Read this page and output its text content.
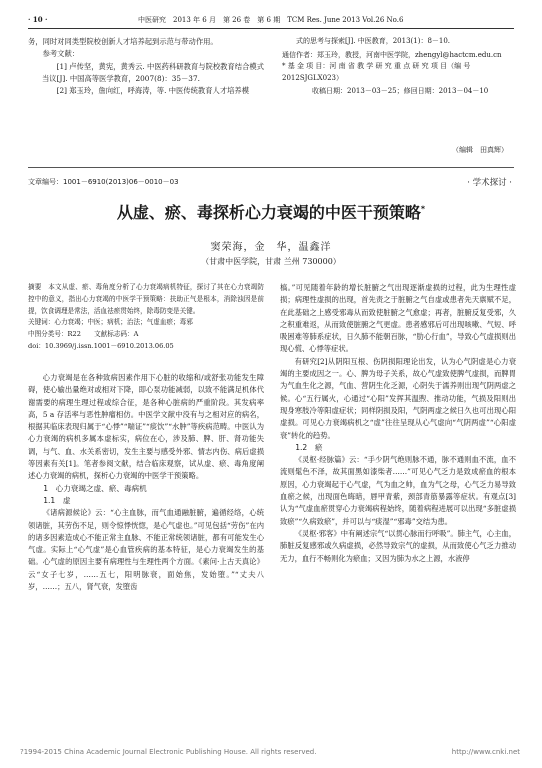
· 10 ·	中医研究　2013 年 6 月　第 26 卷　第 6 期　TCM Res. June 2013 Vol.26 No.6

务，同时对同类型院校创新人才培养起到示范与带动作用。

参考文献：

[1] 卢传坚，黄宪，黄秀云. 中医药科研教育与院校教育结合模式当议[J]. 中国高等医学教育，2007(8)：35－37.

[2] 郑玉玲，詹向红，呼海涛，等. 中医传统教育人才培养模

式的思考与探索[J]. 中医教育，2013(1)：8－10.

通信作者：郑玉玲，教授，河南中医学院，zhengyl@hactcm.edu.cn

* 基 金 项 目：河 南 省 教 学 研 究 重 点 研 究 项 目（编 号 2012SJGLX023）

收稿日期：2013－03－25；修回日期：2013－04－10

（编辑　田真辉）
文章编号：1001－6910(2013)06－0010－03	· 学术探讨 ·
从虚、瘀、毒探析心力衰竭的中医干预策略*
窦荣海，金　华，温鑫洋
（甘肃中医学院，甘肃 兰州 730000）

摘要　本文从虚、瘀、毒角度分析了心力衰竭病机特征，探讨了其在心力衰竭防控中的意义，指出心力衰竭的中医学干预策略：扶助正气是根本，消除浊因是前提，饮食调理是常法，活血祛瘀贯始终，除毒防变是关键。

关键词：心力衰竭；中医；病机；治法；气虚血瘀；毒邪

中图分类号：R22　　文献标志码：A

doi：10.3969/j.issn.1001－6910.2013.06.05

心力衰竭是在各种致病因素作用下心脏的收缩和/或舒张功能发生障碍，使心输出量绝对或相对下降，即心泵功能减弱，以致不能满足机体代谢需要的病理生理过程或综合征，是各种心脏病的严重阶段。其发病率高，5 a 存活率与恶性肿瘤相仿。中医学文献中没有与之相对应的病名，根据其临床表现归属于“心悸”“喘证”“痰饮”“水肿”等疾病范畴。中医认为心力衰竭的病机多属本虚标实，病位在心，涉及肺、脾、肝、肾功能失调，与气、血、水关系密切，发生主要与感受外邪、情志内伤、病后虚损等因素有关[1]。笔者参阅文献，结合临床观察，试从虚、瘀、毒角度阐述心力衰竭的病机，探析心力衰竭的中医学干预策略。

1　心力衰竭之虚、瘀、毒病机

1.1　虚

《诸病源候论》云：“心主血脉，而气血通融脏腑，遍循经络，心统领诸脏，其劳伤不足，则令惊悸恍惚，是心气虚也。”可见包括“劳伤”在内的诸多因素造成心不能正常主血脉、不能正常统领诸脏，都有可能发生心气虚。实际上“心气虚”是心血管疾病的基本特征，是心力衰竭发生的基础。心气虚的原因主要有病理性与生理性两个方面。《素问·上古天真论》云“女子七岁，……五七，阳明脉衰，面始焦，发始堕。”“丈夫八岁，……；五八，肾气衰，发堕齿

槁。”可见随着年龄的增长脏腑之气出现逐渐虚损的过程，此为生理性虚损；病理性虚损的出现，首先责之于脏腑之气自虚或患者先天禀赋不足，在此基础之上感受邪毒从而致使脏腑之气愈虚；再者，脏腑反复受邪，久之积重难返，从而致使脏腑之气更虚。患者感邪后可出现咳嗽、气短、呼吸困难等肺系症状，日久肺不能朝百脉，“肋心行血”，导致心气虚损则出现心慌、心悸等症状。

有研究[2]从阴阳互根、伤阴损阳理论出发，认为心气阴虚是心力衰竭的主要成因之一。心、脾为母子关系，故心气虚致使脾气虚损，而脾胃为气血生化之源，气血、营阴生化乏源，心阴失于濡养则出现气阴两虚之候。心“五行属火，心通过“心阳”发挥其温煦、推动功能，气损及阳则出现身寒肢冷等阳虚症状；同样阴损及阳，气阴两虚之候日久也可出现心阳虚损。可见心力衰竭病机之“虚”往往呈现从心气虚向“气阴两虚”“心阳虚衰”转化的趋势。

1.2　瘀

《灵枢·经脉篇》云：“手少阴气绝则脉不通，脉不通则血不流，血不流则髦色不泽，故其面黑如漆柴者……”可见心气乏力是致成瘀血的根本原因，心力衰竭起于心气虚，气为血之帅，血为气之母，心气乏力易导致血瘀之候，出现面色晦暗，唇甲青紫，颈部青筋暴露等症状。有观点[3]认为“气虚血瘀贯穿心力衰竭病程始终，随着病程进展可以出现“多脏虚损致瘀”“久病致瘀”，并可以与“痰湿”“邪毒”交结为患。

《灵枢·邪客》中有阐述宗气“以贯心脉而行呼吸”。肺主气，心主血，肺脏反复感邪或久病虚损，必然导致宗气的虚损，从而致使心气乏力推动无力，血行不畅则化为瘀血；又因为肺为水之上源，水液停

?1994-2015 China Academic Journal Electronic Publishing House. All rights reserved.	http://www.cnki.net
